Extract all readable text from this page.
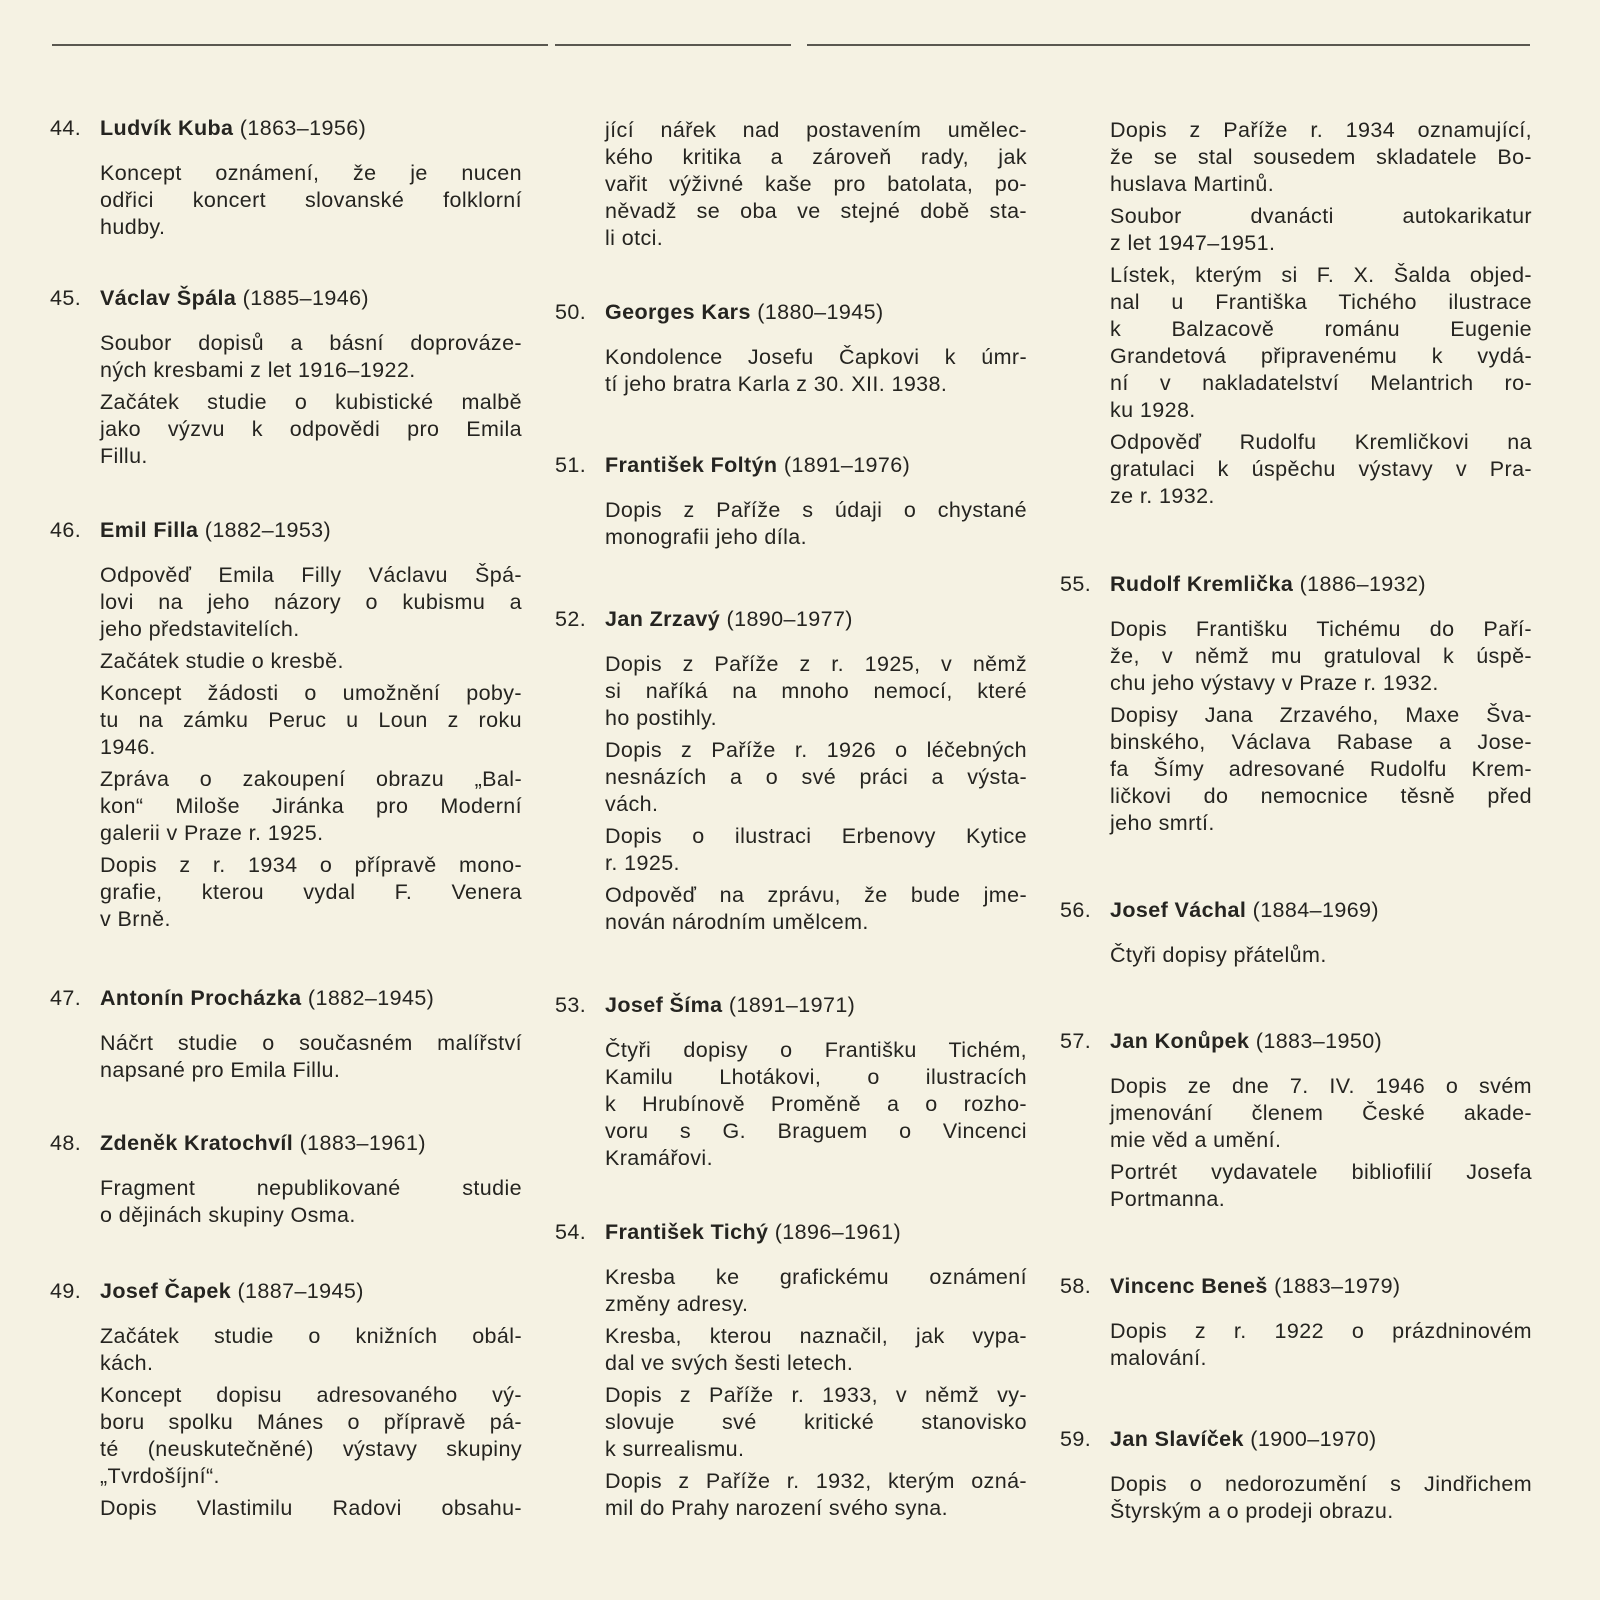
44. Ludvík Kuba (1863–1956)
Koncept oznámení, že je nucen
odřici koncert slovanské folklorní
hudby.
45. Václav Špála (1885–1946)
Soubor dopisů a básní doprováze-
ných kresbami z let 1916–1922.
Začátek studie o kubistické malbě
jako výzvu k odpovědi pro Emila
Fillu.
46. Emil Filla (1882–1953)
Odpověď Emila Filly Václavu Špá-
lovi na jeho názory o kubismu a
jeho představitelích.
Začátek studie o kresbě.
Koncept žádosti o umožnění poby-
tu na zámku Peruc u Loun z roku
1946.
Zpráva o zakoupení obrazu „Bal-
kon“ Miloše Jiránka pro Moderní
galerii v Praze r. 1925.
Dopis z r. 1934 o přípravě mono-
grafie, kterou vydal F. Venera
v Brně.
47. Antonín Procházka (1882–1945)
Náčrt studie o současném malířství
napsané pro Emila Fillu.
48. Zdeněk Kratochvíl (1883–1961)
Fragment nepublikované studie
o dějinách skupiny Osma.
49. Josef Čapek (1887–1945)
Začátek studie o knižních obál-
kách.
Koncept dopisu adresovaného vý-
boru spolku Mánes o přípravě pá-
té (neuskutečněné) výstavy skupiny
„Tvrdošíjní“.
Dopis Vlastimilu Radovi obsahu-
jící nářek nad postavením umělec-
kého kritika a zároveň rady, jak
vařit výživné kaše pro batolata, po-
něvadž se oba ve stejné době sta-
li otci.
50. Georges Kars (1880–1945)
Kondolence Josefu Čapkovi k úmr-
tí jeho bratra Karla z 30. XII. 1938.
51. František Foltýn (1891–1976)
Dopis z Paříže s údaji o chystané
monografii jeho díla.
52. Jan Zrzavý (1890–1977)
Dopis z Paříže z r. 1925, v němž
si naříká na mnoho nemocí, které
ho postihly.
Dopis z Paříže r. 1926 o léčebných
nesnázích a o své práci a výsta-
vách.
Dopis o ilustraci Erbenovy Kytice
r. 1925.
Odpověď na zprávu, že bude jme-
nován národním umělcem.
53. Josef Šíma (1891–1971)
Čtyři dopisy o Františku Tichém,
Kamilu Lhotákovi, o ilustracích
k Hrubínově Proměně a o rozho-
voru s G. Braguem o Vincenci
Kramářovi.
54. František Tichý (1896–1961)
Kresba ke grafickému oznámení
změny adresy.
Kresba, kterou naznačil, jak vypa-
dal ve svých šesti letech.
Dopis z Paříže r. 1933, v němž vy-
slovuje své kritické stanovisko
k surrealismu.
Dopis z Paříže r. 1932, kterým ozná-
mil do Prahy narození svého syna.
Dopis z Paříže r. 1934 oznamující,
že se stal sousedem skladatele Bo-
huslava Martinů.
Soubor dvanácti autokarikatur
z let 1947–1951.
Lístek, kterým si F. X. Šalda objed-
nal u Františka Tichého ilustrace
k Balzacově románu Eugenie
Grandetová připravenému k vydá-
ní v nakladatelství Melantrich ro-
ku 1928.
Odpověď Rudolfu Kremličkovi na
gratulaci k úspěchu výstavy v Pra-
ze r. 1932.
55. Rudolf Kremlička (1886–1932)
Dopis Františku Tichému do Paří-
že, v němž mu gratuloval k úspě-
chu jeho výstavy v Praze r. 1932.
Dopisy Jana Zrzavého, Maxe Šva-
binského, Václava Rabase a Jose-
fa Šímy adresované Rudolfu Krem-
ličkovi do nemocnice těsně před
jeho smrtí.
56. Josef Váchal (1884–1969)
Čtyři dopisy přátelům.
57. Jan Konůpek (1883–1950)
Dopis ze dne 7. IV. 1946 o svém
jmenování členem České akade-
mie věd a umění.
Portrét vydavatele bibliofilií Josefa
Portmanna.
58. Vincenc Beneš (1883–1979)
Dopis z r. 1922 o prázdninovém
malování.
59. Jan Slavíček (1900–1970)
Dopis o nedorozumění s Jindřichem
Štyrským a o prodeji obrazu.
